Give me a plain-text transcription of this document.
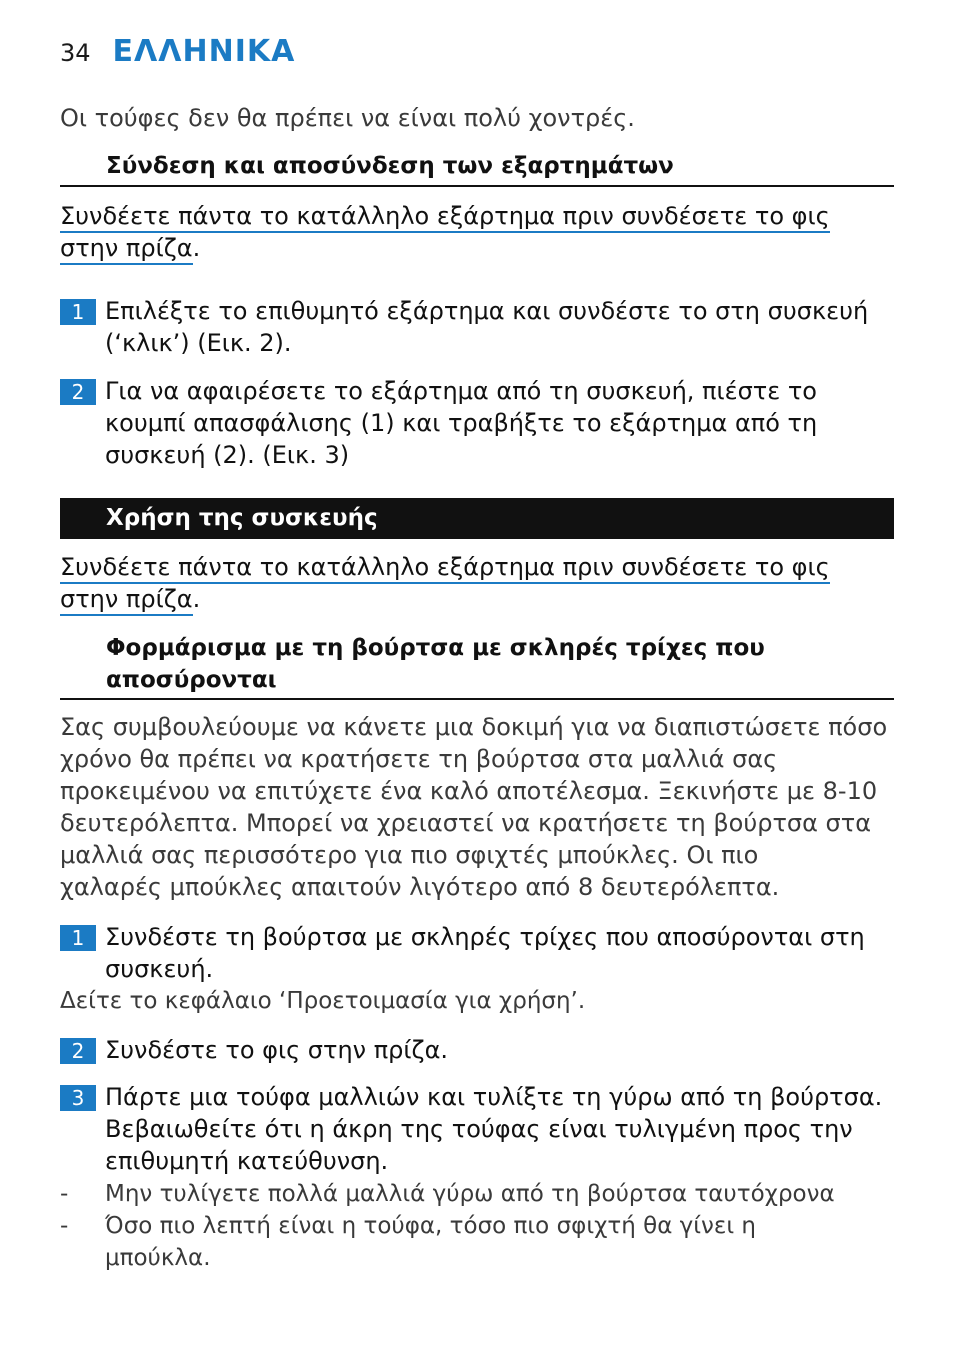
34 ΕΛΛΗΝΙΚΑ
Οι τούφες δεν θα πρέπει να είναι πολύ χοντρές.
Σύνδεση και αποσύνδεση των εξαρτημάτων
Συνδέετε πάντα το κατάλληλο εξάρτημα πριν συνδέσετε το φις
στην πρίζα.
1 Επιλέξτε το επιθυμητό εξάρτημα και συνδέστε το στη συσκευή
(‘κλικ’) (Εικ. 2).
2 Για να αφαιρέσετε το εξάρτημα από τη συσκευή, πιέστε το
κουμπί απασφάλισης (1) και τραβήξτε το εξάρτημα από τη
συσκευή (2). (Εικ. 3)
Χρήση της συσκευής
Συνδέετε πάντα το κατάλληλο εξάρτημα πριν συνδέσετε το φις
στην πρίζα.
Φορμάρισμα με τη βούρτσα με σκληρές τρίχες που
αποσύρονται
Σας συμβουλεύουμε να κάνετε μια δοκιμή για να διαπιστώσετε πόσο
χρόνο θα πρέπει να κρατήσετε τη βούρτσα στα μαλλιά σας
προκειμένου να επιτύχετε ένα καλό αποτέλεσμα. Ξεκινήστε με 8-10
δευτερόλεπτα. Μπορεί να χρειαστεί να κρατήσετε τη βούρτσα στα
μαλλιά σας περισσότερο για πιο σφιχτές μπούκλες. Οι πιο
χαλαρές μπούκλες απαιτούν λιγότερο από 8 δευτερόλεπτα.
1 Συνδέστε τη βούρτσα με σκληρές τρίχες που αποσύρονται στη
συσκευή.
Δείτε το κεφάλαιο ‘Προετοιμασία για χρήση’.
2 Συνδέστε το φις στην πρίζα.
3 Πάρτε μια τούφα μαλλιών και τυλίξτε τη γύρω από τη βούρτσα.
Βεβαιωθείτε ότι η άκρη της τούφας είναι τυλιγμένη προς την
επιθυμητή κατεύθυνση.
- Μην τυλίγετε πολλά μαλλιά γύρω από τη βούρτσα ταυτόχρονα
- Όσο πιο λεπτή είναι η τούφα, τόσο πιο σφιχτή θα γίνει η
μπούκλα.
